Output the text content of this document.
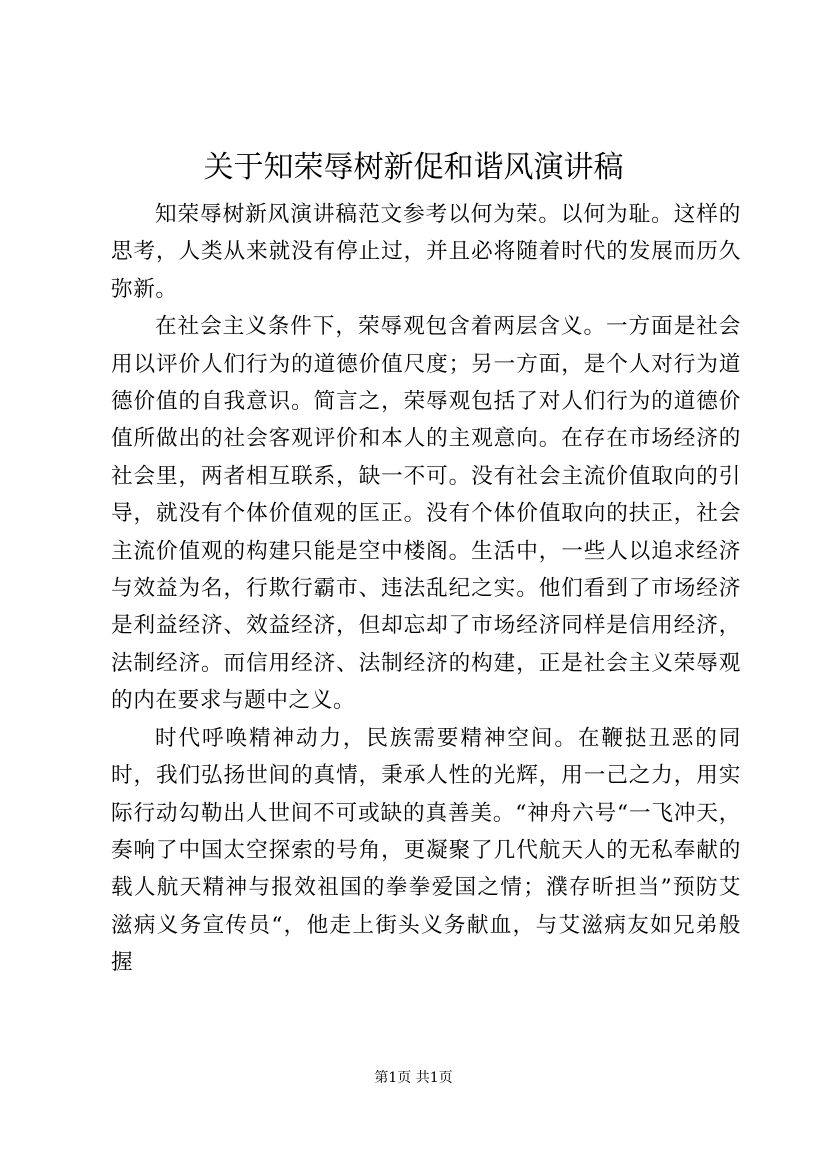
关于知荣辱树新促和谐风演讲稿

知荣辱树新风演讲稿范文参考以何为荣。以何为耻。这样的思考，人类从来就没有停止过，并且必将随着时代的发展而历久弥新。

在社会主义条件下，荣辱观包含着两层含义。一方面是社会用以评价人们行为的道德价值尺度；另一方面，是个人对行为道德价值的自我意识。简言之，荣辱观包括了对人们行为的道德价值所做出的社会客观评价和本人的主观意向。在存在市场经济的社会里，两者相互联系，缺一不可。没有社会主流价值取向的引导，就没有个体价值观的匡正。没有个体价值取向的扶正，社会主流价值观的构建只能是空中楼阁。生活中，一些人以追求经济与效益为名，行欺行霸市、违法乱纪之实。他们看到了市场经济是利益经济、效益经济，但却忘却了市场经济同样是信用经济，法制经济。而信用经济、法制经济的构建，正是社会主义荣辱观的内在要求与题中之义。

时代呼唤精神动力，民族需要精神空间。在鞭挞丑恶的同时，我们弘扬世间的真情，秉承人性的光辉，用一己之力，用实际行动勾勒出人世间不可或缺的真善美。“神舟六号“一飞冲天，奏响了中国太空探索的号角，更凝聚了几代航天人的无私奉献的载人航天精神与报效祖国的拳拳爱国之情；濮存昕担当”预防艾滋病义务宣传员“，他走上街头义务献血，与艾滋病友如兄弟般握

第1页 共1页
